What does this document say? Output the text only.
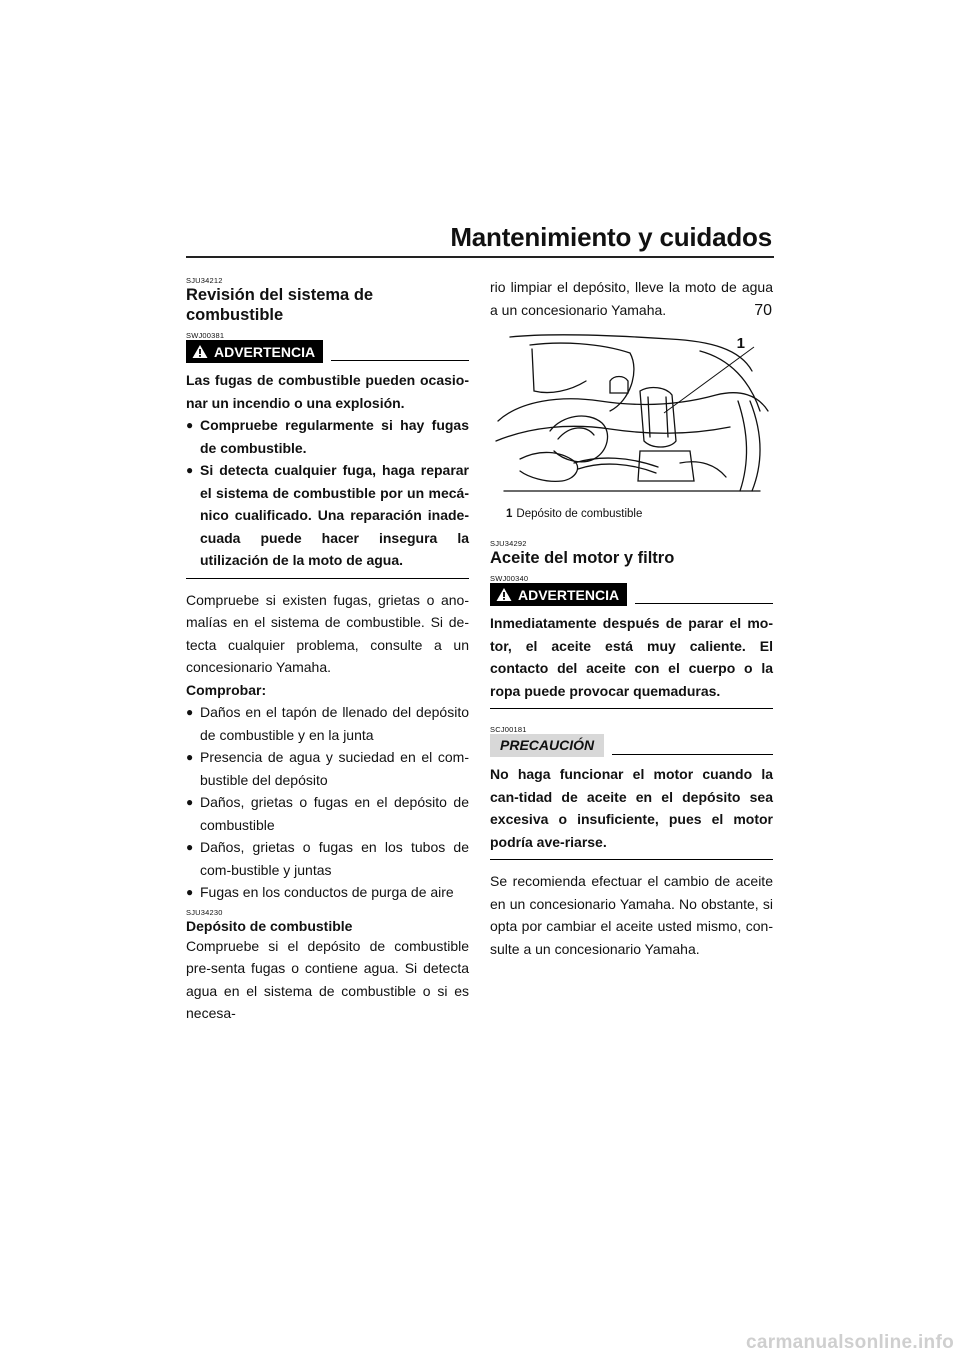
Mantenimiento y cuidados
70

SJU34212

Revisión del sistema de combustible

SWJ00381

ADVERTENCIA

Las fugas de combustible pueden ocasio-nar un incendio o una explosión.

● Compruebe regularmente si hay fugas de combustible.
● Si detecta cualquier fuga, haga reparar el sistema de combustible por un mecá-nico cualificado. Una reparación inade-cuada puede hacer insegura la utilización de la moto de agua.

Compruebe si existen fugas, grietas o ano-malías en el sistema de combustible. Si de-tecta cualquier problema, consulte a un concesionario Yamaha.

Comprobar:

● Daños en el tapón de llenado del depósito de combustible y en la junta
● Presencia de agua y suciedad en el com-bustible del depósito
● Daños, grietas o fugas en el depósito de combustible
● Daños, grietas o fugas en los tubos de com-bustible y juntas
● Fugas en los conductos de purga de aire

SJU34230

Depósito de combustible

Compruebe si el depósito de combustible pre-senta fugas o contiene agua. Si detecta agua en el sistema de combustible o si es necesa-

rio limpiar el depósito, lleve la moto de agua a un concesionario Yamaha.

1

1 Depósito de combustible

SJU34292

Aceite del motor y filtro

SWJ00340

ADVERTENCIA

Inmediatamente después de parar el mo-tor, el aceite está muy caliente. El contacto del aceite con el cuerpo o la ropa puede provocar quemaduras.

SCJ00181

PRECAUCIÓN

No haga funcionar el motor cuando la can-tidad de aceite en el depósito sea excesiva o insuficiente, pues el motor podría ave-riarse.

Se recomienda efectuar el cambio de aceite en un concesionario Yamaha. No obstante, si opta por cambiar el aceite usted mismo, con-sulte a un concesionario Yamaha.

carmanualsonline.info
